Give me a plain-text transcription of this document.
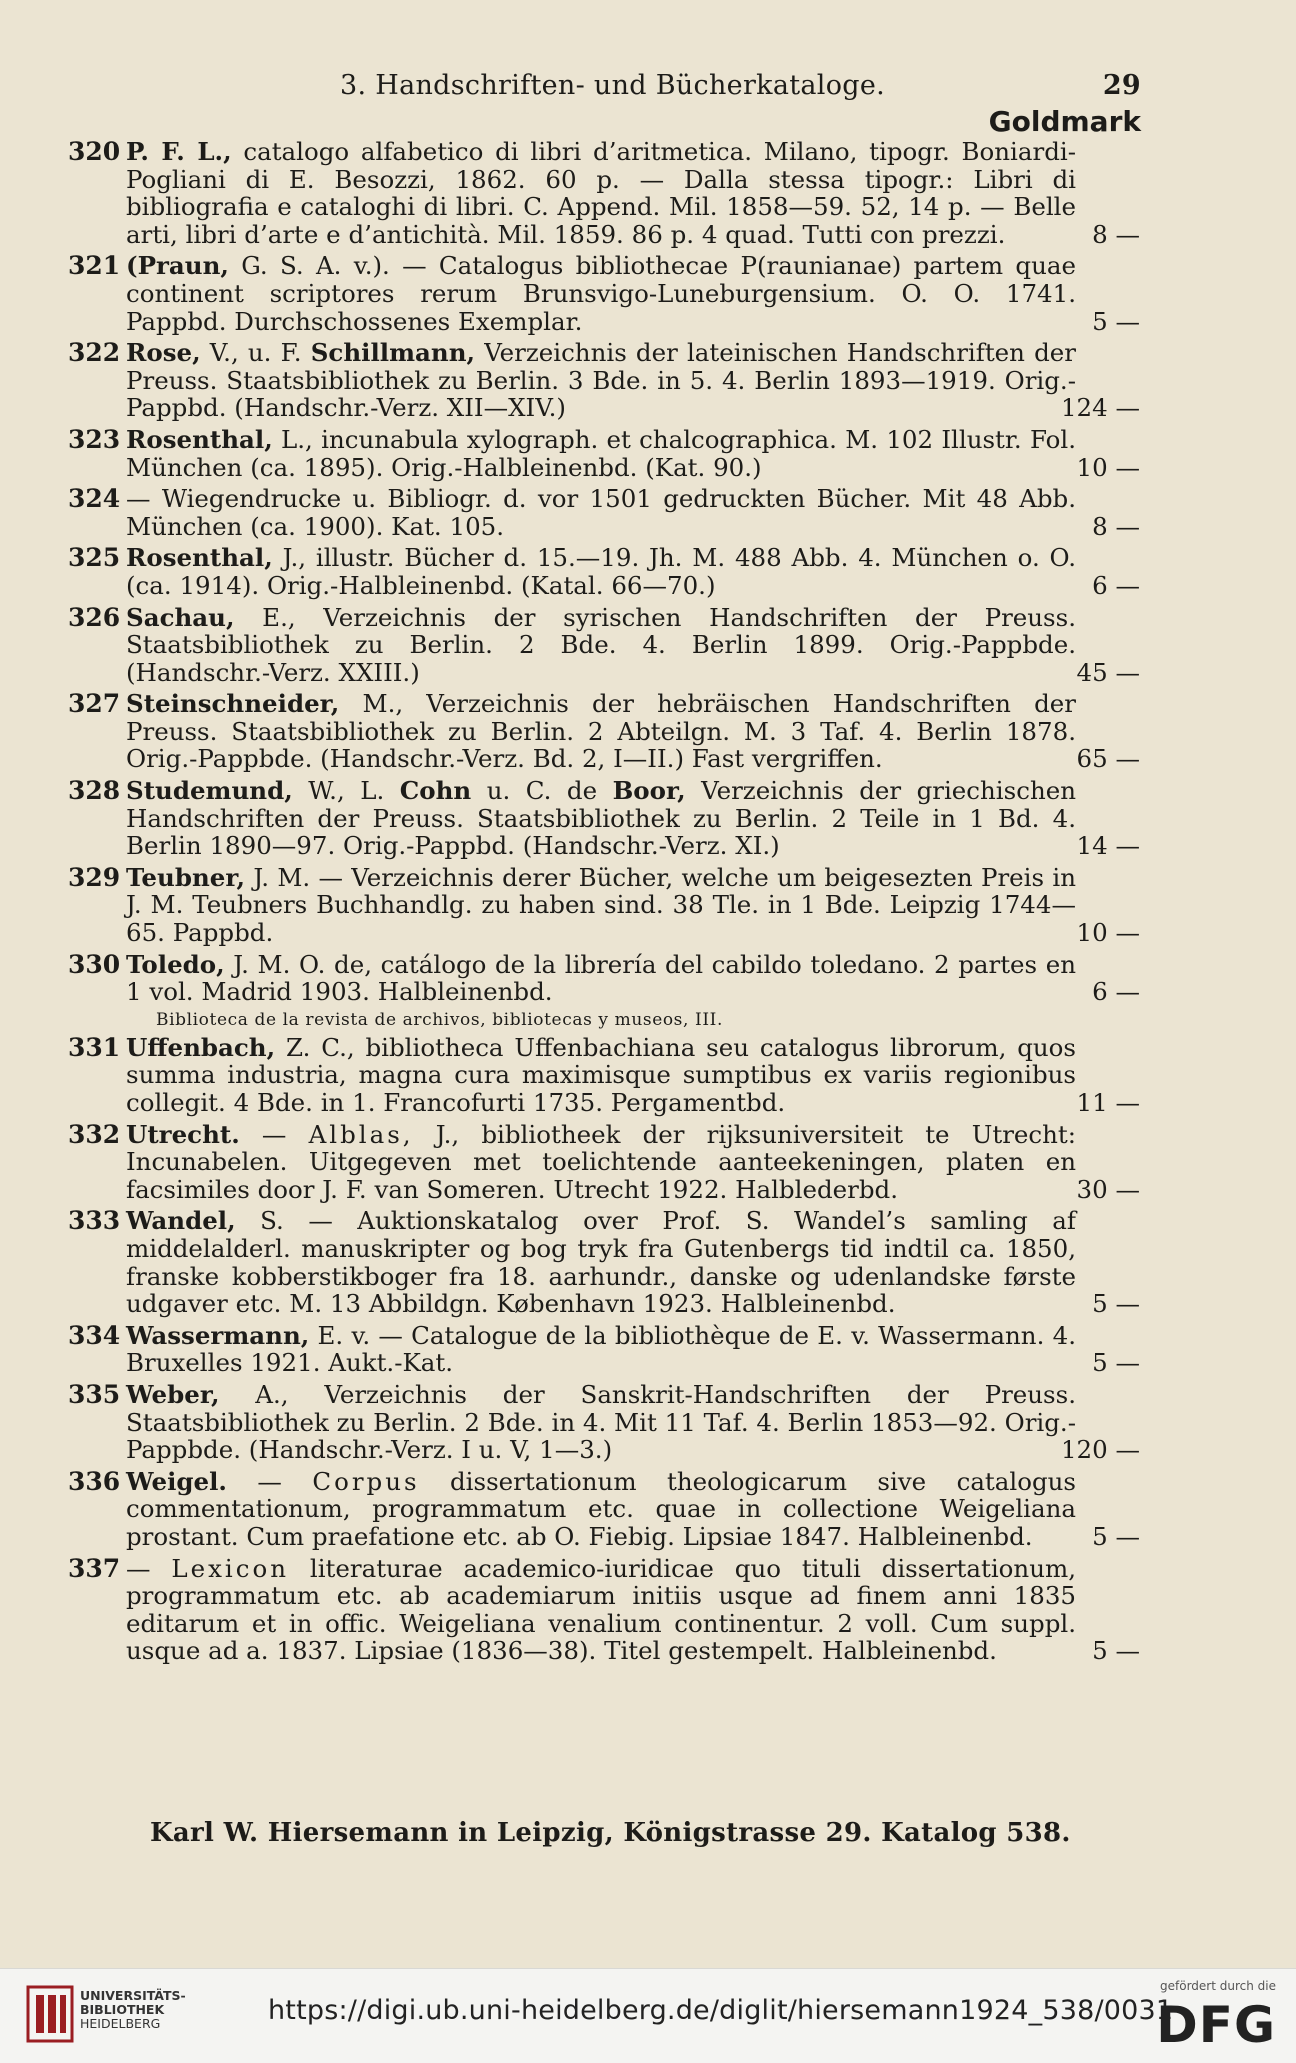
3. Handschriften- und Bücherkataloge.	29
Goldmark
320 P. F. L., catalogo alfabetico di libri d’aritmetica. Milano, tipogr. Boniardi-Pogliani di E. Besozzi, 1862. 60 p. — Dalla stessa tipogr.: Libri di bibliografia e cataloghi di libri. C. Append. Mil. 1858—59. 52, 14 p. — Belle arti, libri d’arte e d’antichità. Mil. 1859. 86 p. 4 quad. Tutti con prezzi.	8 —
321 (Praun, G. S. A. v.). — Catalogus bibliothecae P(raunianae) partem quae continent scriptores rerum Brunsvigo-Luneburgensium. O. O. 1741. Pappbd. Durchschossenes Exemplar.	5 —
322 Rose, V., u. F. Schillmann, Verzeichnis der lateinischen Handschriften der Preuss. Staatsbibliothek zu Berlin. 3 Bde. in 5. 4. Berlin 1893—1919. Orig.-Pappbd. (Handschr.-Verz. XII—XIV.)	124 —
323 Rosenthal, L., incunabula xylograph. et chalcographica. M. 102 Illustr. Fol. München (ca. 1895). Orig.-Halbleinenbd. (Kat. 90.)	10 —
324 — Wiegendrucke u. Bibliogr. d. vor 1501 gedruckten Bücher. Mit 48 Abb. München (ca. 1900). Kat. 105.	8 —
325 Rosenthal, J., illustr. Bücher d. 15.—19. Jh. M. 488 Abb. 4. München o. O. (ca. 1914). Orig.-Halbleinenbd. (Katal. 66—70.)	6 —
326 Sachau, E., Verzeichnis der syrischen Handschriften der Preuss. Staatsbibliothek zu Berlin. 2 Bde. 4. Berlin 1899. Orig.-Pappbde. (Handschr.-Verz. XXIII.)	45 —
327 Steinschneider, M., Verzeichnis der hebräischen Handschriften der Preuss. Staatsbibliothek zu Berlin. 2 Abteilgn. M. 3 Taf. 4. Berlin 1878. Orig.-Pappbde. (Handschr.-Verz. Bd. 2, I—II.) Fast vergriffen.	65 —
328 Studemund, W., L. Cohn u. C. de Boor, Verzeichnis der griechischen Handschriften der Preuss. Staatsbibliothek zu Berlin. 2 Teile in 1 Bd. 4. Berlin 1890—97. Orig.-Pappbd. (Handschr.-Verz. XI.)	14 —
329 Teubner, J. M. — Verzeichnis derer Bücher, welche um beigesezten Preis in J. M. Teubners Buchhandlg. zu haben sind. 38 Tle. in 1 Bde. Leipzig 1744—65. Pappbd.	10 —
330 Toledo, J. M. O. de, catálogo de la librería del cabildo toledano. 2 partes en 1 vol. Madrid 1903. Halbleinenbd.	6 —
Biblioteca de la revista de archivos, bibliotecas y museos, III.
331 Uffenbach, Z. C., bibliotheca Uffenbachiana seu catalogus librorum, quos summa industria, magna cura maximisque sumptibus ex variis regionibus collegit. 4 Bde. in 1. Francofurti 1735. Pergamentbd.	11 —
332 Utrecht. — Alblas, J., bibliotheek der rijksuniversiteit te Utrecht: Incunabelen. Uitgegeven met toelichtende aanteekeningen, platen en facsimiles door J. F. van Someren. Utrecht 1922. Halblederbd.	30 —
333 Wandel, S. — Auktionskatalog over Prof. S. Wandel’s samling af middelalderl. manuskripter og bog tryk fra Gutenbergs tid indtil ca. 1850, franske kobberstikboger fra 18. aarhundr., danske og udenlandske første udgaver etc. M. 13 Abbildgn. København 1923. Halbleinenbd.	5 —
334 Wassermann, E. v. — Catalogue de la bibliothèque de E. v. Wassermann. 4. Bruxelles 1921. Aukt.-Kat.	5 —
335 Weber, A., Verzeichnis der Sanskrit-Handschriften der Preuss. Staatsbibliothek zu Berlin. 2 Bde. in 4. Mit 11 Taf. 4. Berlin 1853—92. Orig.-Pappbde. (Handschr.-Verz. I u. V, 1—3.)	120 —
336 Weigel. — Corpus dissertationum theologicarum sive catalogus commentationum, programmatum etc. quae in collectione Weigeliana prostant. Cum praefatione etc. ab O. Fiebig. Lipsiae 1847. Halbleinenbd.	5 —
337 — Lexicon literaturae academico-iuridicae quo tituli dissertationum, programmatum etc. ab academiarum initiis usque ad finem anni 1835 editarum et in offic. Weigeliana venalium continentur. 2 voll. Cum suppl. usque ad a. 1837. Lipsiae (1836—38). Titel gestempelt. Halbleinenbd.	5 —
Karl W. Hiersemann in Leipzig, Königstrasse 29. Katalog 538.
UNIVERSITÄTS-
BIBLIOTHEK
HEIDELBERG	https://digi.ub.uni-heidelberg.de/diglit/hiersemann1924_538/0031
gefördert durch die
DFG
